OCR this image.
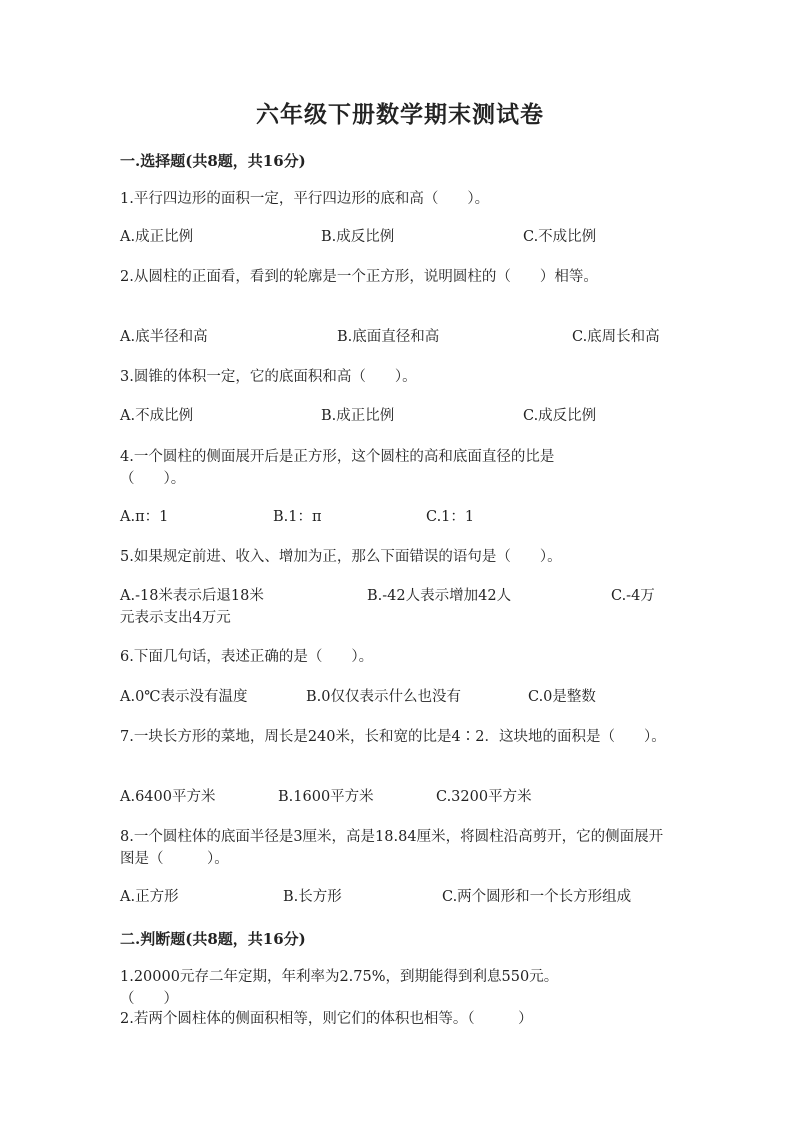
六年级下册数学期末测试卷
一.选择题(共8题，共16分)
1.平行四边形的面积一定，平行四边形的底和高（　　）。
A.成正比例	B.成反比例	C.不成比例
2.从圆柱的正面看，看到的轮廓是一个正方形，说明圆柱的（　　）相等。
A.底半径和高	B.底面直径和高	C.底周长和高
3.圆锥的体积一定，它的底面积和高（　　）。
A.不成比例	B.成正比例	C.成反比例
4.一个圆柱的侧面展开后是正方形，这个圆柱的高和底面直径的比是（　　）。
A.π：1	B.1：π	C.1：1
5.如果规定前进、收入、增加为正，那么下面错误的语句是（　　）。
A.-18米表示后退18米	B.-42人表示增加42人	C.-4万元表示支出4万元
6.下面几句话，表述正确的是（　　）。
A.0℃表示没有温度	B.0仅仅表示什么也没有	C.0是整数
7.一块长方形的菜地，周长是240米，长和宽的比是4∶2．这块地的面积是（　　）。
A.6400平方米	B.1600平方米	C.3200平方米
8.一个圆柱体的底面半径是3厘米，高是18.84厘米，将圆柱沿高剪开，它的侧面展开图是（　　　）。
A.正方形	B.长方形	C.两个圆形和一个长方形组成
二.判断题(共8题，共16分)
1.20000元存二年定期，年利率为2.75%，到期能得到利息550元。（　　）
2.若两个圆柱体的侧面积相等，则它们的体积也相等。（　　　）
